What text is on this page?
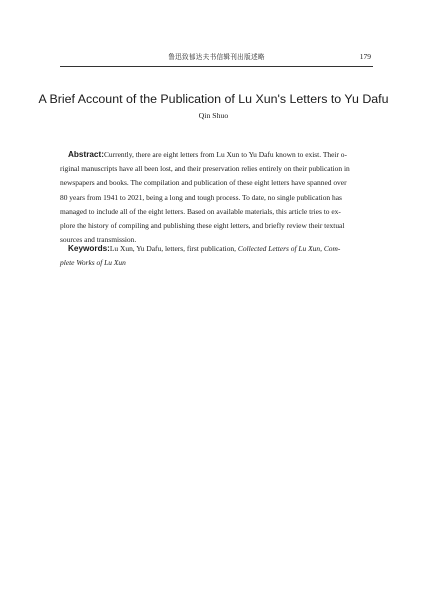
鲁迅致郁达夫书信辑刊出版述略	179
A Brief Account of the Publication of Lu Xun's Letters to Yu Dafu
Qin Shuo

Abstract:Currently, there are eight letters from Lu Xun to Yu Dafu known to exist. Their o-
riginal manuscripts have all been lost, and their preservation relies entirely on their publication in
newspapers and books. The compilation and publication of these eight letters have spanned over
80 years from 1941 to 2021, being a long and tough process. To date, no single publication has
managed to include all of the eight letters. Based on available materials, this article tries to ex-
plore the history of compiling and publishing these eight letters, and briefly review their textual
sources and transmission.

Keywords:Lu Xun, Yu Dafu, letters, first publication, Collected Letters of Lu Xun, Com-
plete Works of Lu Xun
